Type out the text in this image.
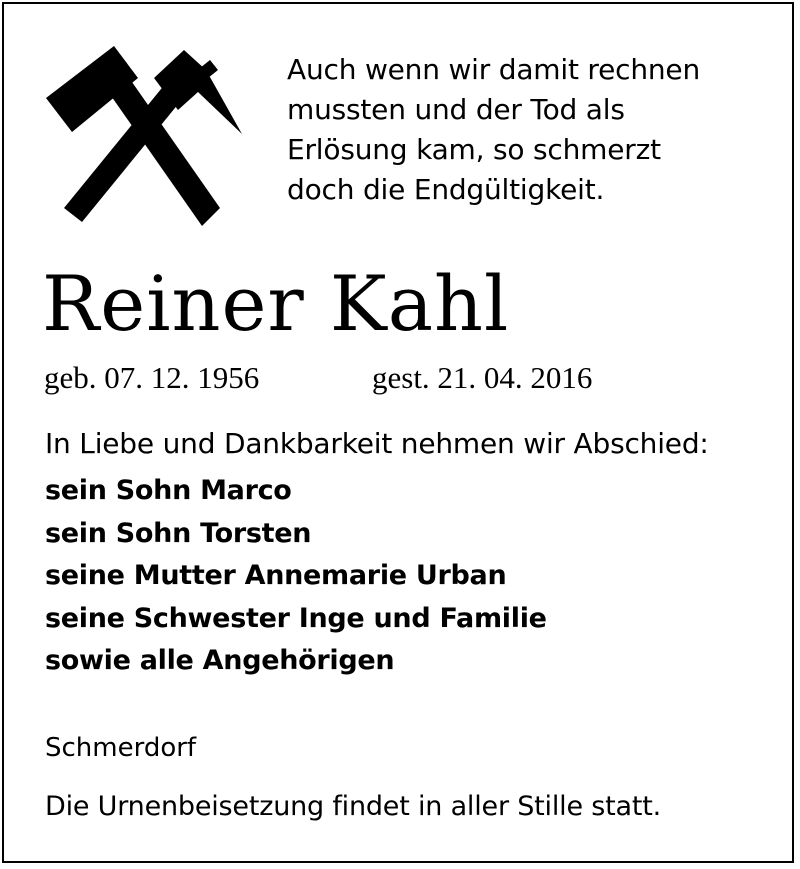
Auch wenn wir damit rechnen
mussten und der Tod als
Erlösung kam, so schmerzt
doch die Endgültigkeit.
Reiner Kahl
geb. 07. 12. 1956	gest. 21. 04. 2016
In Liebe und Dankbarkeit nehmen wir Abschied:
sein Sohn Marco
sein Sohn Torsten
seine Mutter Annemarie Urban
seine Schwester Inge und Familie
sowie alle Angehörigen
Schmerdorf
Die Urnenbeisetzung findet in aller Stille statt.
